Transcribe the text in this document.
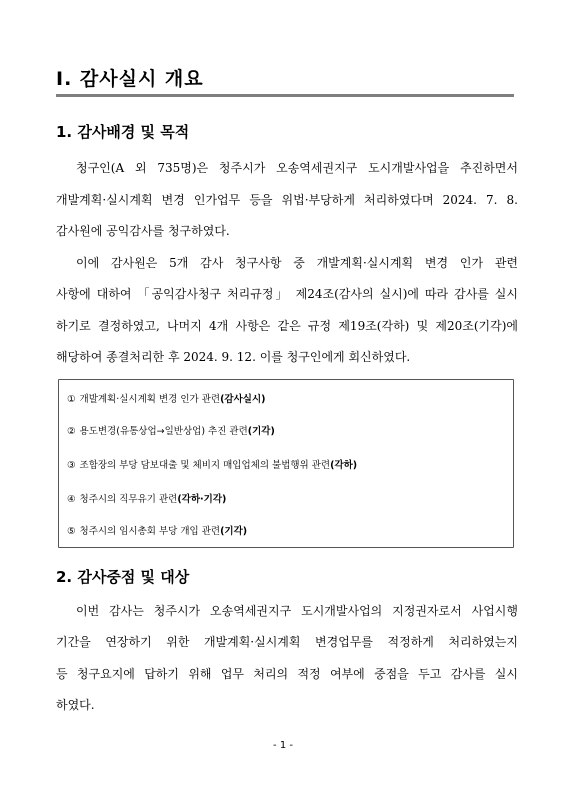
Ⅰ. 감사실시 개요
1. 감사배경 및 목적

청구인(A 외 735명)은 청주시가 오송역세권지구 도시개발사업을 추진하면서

개발계획·실시계획 변경 인가업무 등을 위법·부당하게 처리하였다며 2024. 7. 8.

감사원에 공익감사를 청구하였다.

이에 감사원은 5개 감사 청구사항 중 개발계획·실시계획 변경 인가 관련

사항에 대하여 「공익감사청구 처리규정」 제24조(감사의 실시)에 따라 감사를 실시

하기로 결정하였고, 나머지 4개 사항은 같은 규정 제19조(각하) 및 제20조(기각)에

해당하여 종결처리한 후 2024. 9. 12. 이를 청구인에게 회신하였다.

① 개발계획·실시계획 변경 인가 관련(감사실시)
② 용도변경(유통상업→일반상업) 추진 관련(기각)
③ 조합장의 부당 담보대출 및 체비지 매입업체의 불법행위 관련(각하)
④ 청주시의 직무유기 관련(각하·기각)
⑤ 청주시의 임시총회 부당 개입 관련(기각)
2. 감사중점 및 대상

이번 감사는 청주시가 오송역세권지구 도시개발사업의 지정권자로서 사업시행

기간을 연장하기 위한 개발계획·실시계획 변경업무를 적정하게 처리하였는지

등 청구요지에 답하기 위해 업무 처리의 적정 여부에 중점을 두고 감사를 실시

하였다.

- 1 -
